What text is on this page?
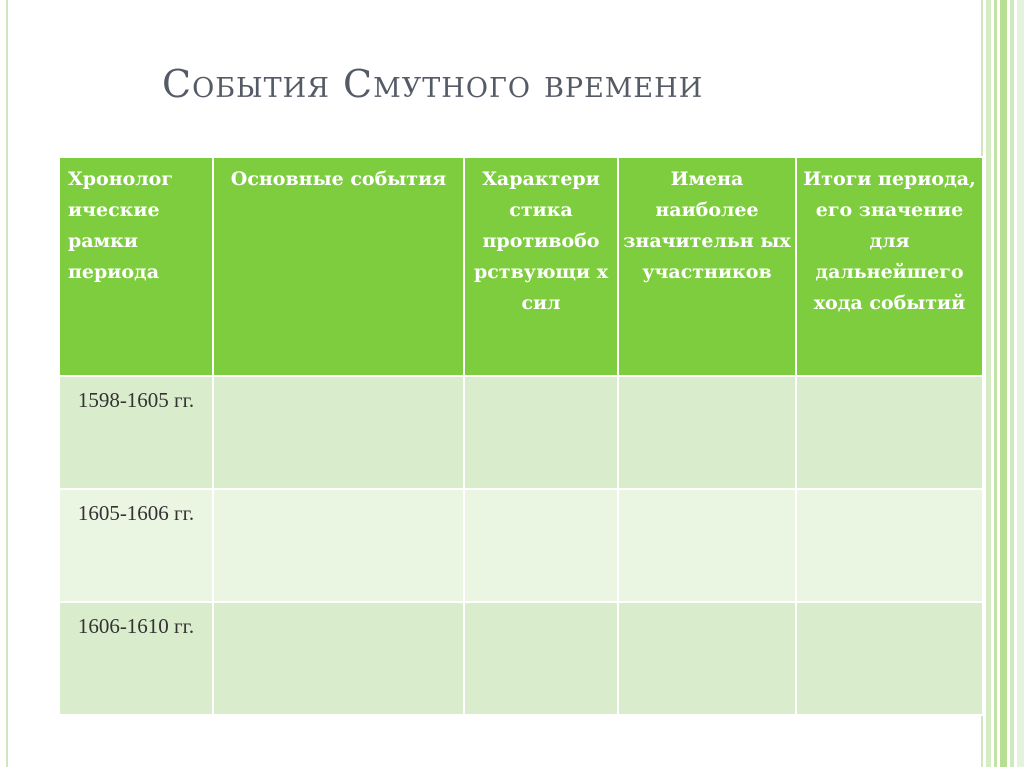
События Смутного времени
Хронолог ические рамки периода	Основные события	Характери стика противобо рствующи х сил	Имена наиболее значительн ых участников	Итоги периода, его значение для дальнейшего хода событий
1598-1605 гг.				
1605-1606 гг.				
1606-1610 гг.				
